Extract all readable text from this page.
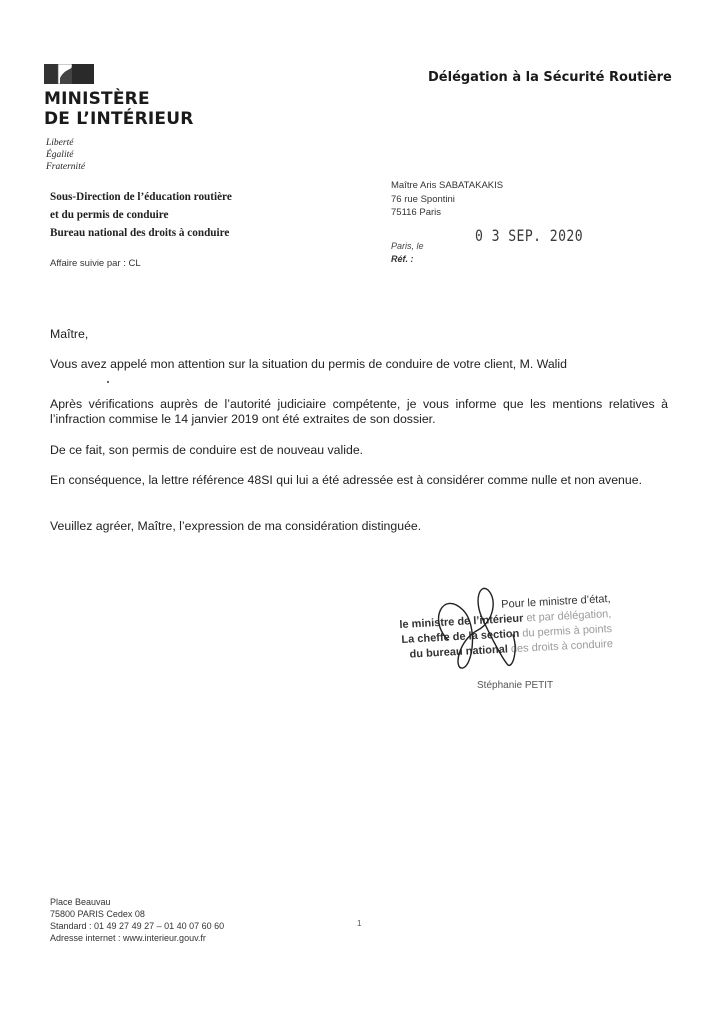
MINISTÈRE
DE L’INTÉRIEUR
Liberté
Égalité
Fraternité
Délégation à la Sécurité Routière
Sous-Direction de l’éducation routière
et du permis de conduire
Bureau national des droits à conduire
Affaire suivie par : CL
Maître Aris SABATAKAKIS
76 rue Spontini
75116 Paris
0 3 SEP. 2020
Paris, le
Réf. :
Maître,
Vous avez appelé mon attention sur la situation du permis de conduire de votre client, M. Walid
Après vérifications auprès de l’autorité judiciaire compétente, je vous informe que les mentions relatives à l’infraction commise le 14 janvier 2019 ont été extraites de son dossier.
De ce fait, son permis de conduire est de nouveau valide.
En conséquence, la lettre référence 48SI qui lui a été adressée est à considérer comme nulle et non avenue.
Veuillez agréer, Maître, l’expression de ma considération distinguée.
Pour le ministre d’état,
le ministre de l’intérieur et par délégation,
La cheffe de la section du permis à points
du bureau national des droits à conduire
Stéphanie PETIT
Place Beauvau
75800 PARIS Cedex 08
Standard : 01 49 27 49 27 – 01 40 07 60 60
Adresse internet : www.interieur.gouv.fr
1
